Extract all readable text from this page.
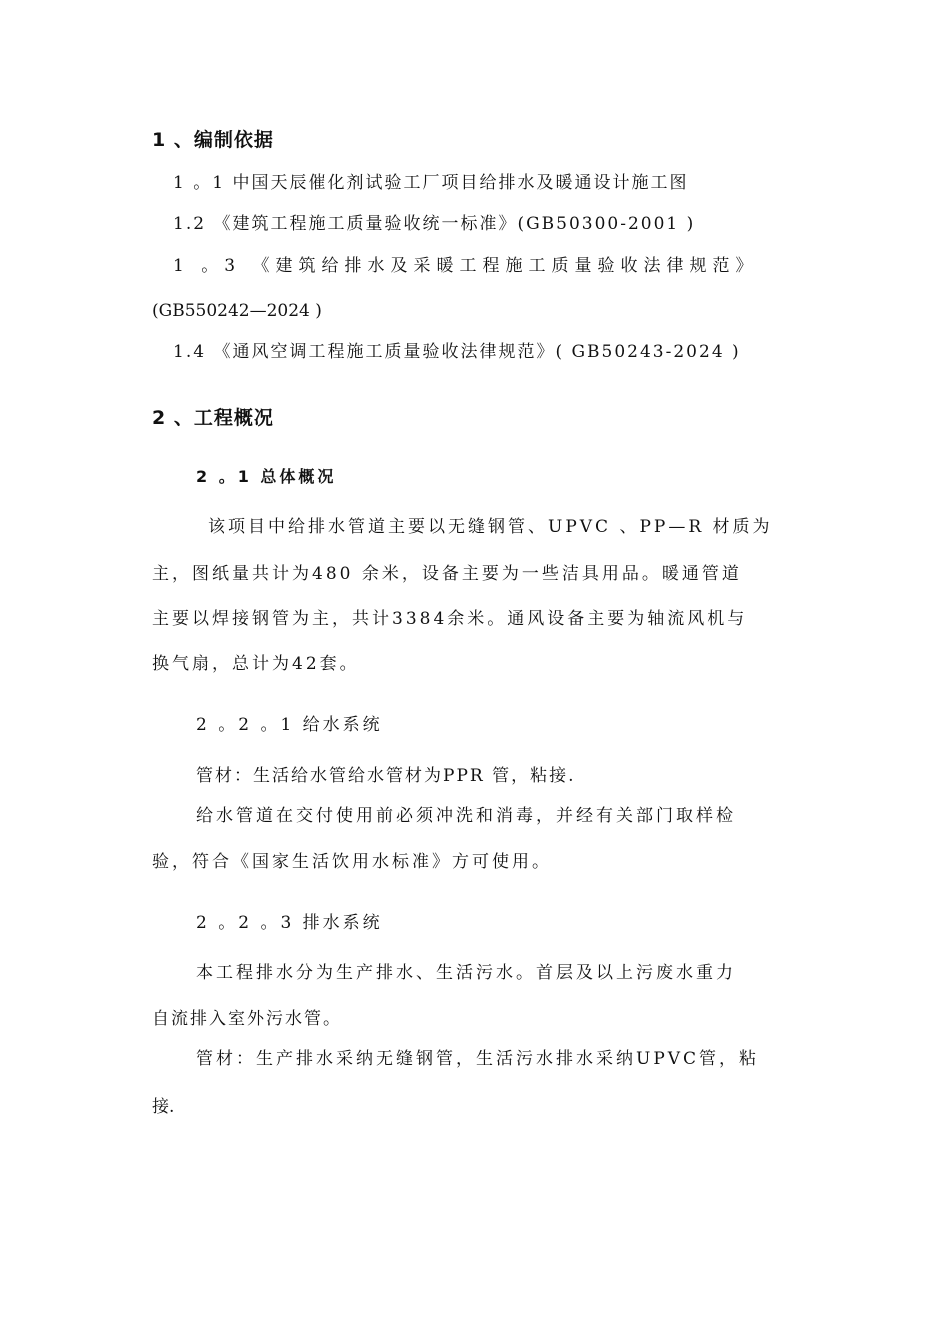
1 、编制依据
1 。1 中国天辰催化剂试验工厂项目给排水及暖通设计施工图
1.2 《建筑工程施工质量验收统一标准》(GB50300-2001 )
1 。3 《建筑给排水及采暖工程施工质量验收法律规范》
(GB550242—2024 )
1.4 《通风空调工程施工质量验收法律规范》( GB50243-2024 )
2 、工程概况
2 。1 总体概况
该项目中给排水管道主要以无缝钢管、UPVC 、PP—R 材质为
主，图纸量共计为480 余米，设备主要为一些洁具用品。暖通管道
主要以焊接钢管为主，共计3384余米。通风设备主要为轴流风机与
换气扇，总计为42套。
2 。2 。1 给水系统
管材：生活给水管给水管材为PPR 管，粘接.
给水管道在交付使用前必须冲洗和消毒，并经有关部门取样检
验，符合《国家生活饮用水标准》方可使用。
2 。2 。3 排水系统
本工程排水分为生产排水、生活污水。首层及以上污废水重力
自流排入室外污水管。
管材：生产排水采纳无缝钢管，生活污水排水采纳UPVC管，粘
接.
